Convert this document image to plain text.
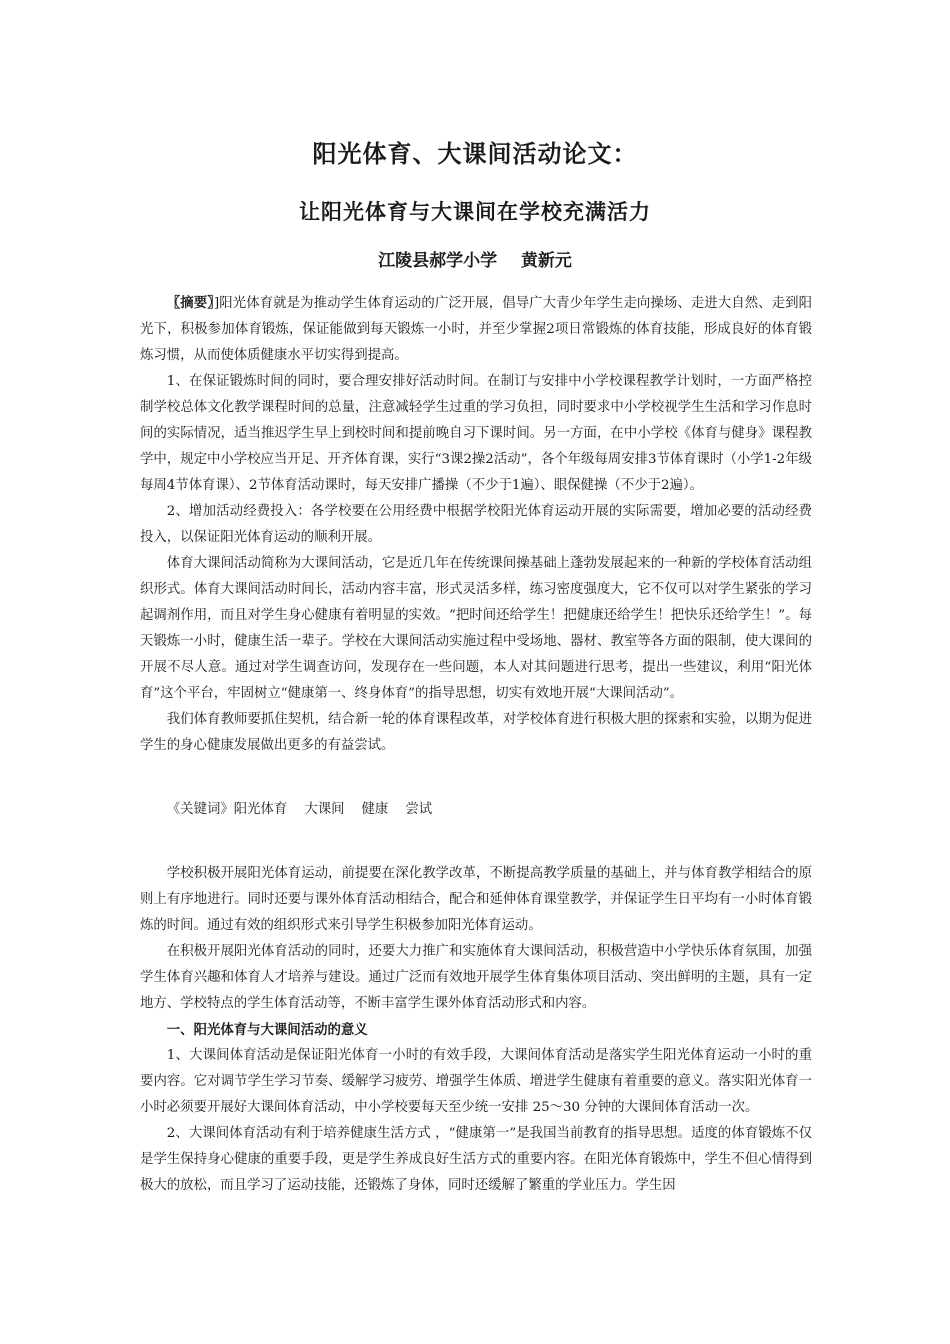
阳光体育、大课间活动论文：
让阳光体育与大课间在学校充满活力
江陵县郝学小学    黄新元

〖摘要〗]阳光体育就是为推动学生体育运动的广泛开展，倡导广大青少年学生走向操场、走进大自然、走到阳光下，积极参加体育锻炼，保证能做到每天锻炼一小时，并至少掌握2项日常锻炼的体育技能，形成良好的体育锻炼习惯，从而使体质健康水平切实得到提高。

1、在保证锻炼时间的同时，要合理安排好活动时间。在制订与安排中小学校课程教学计划时，一方面严格控制学校总体文化教学课程时间的总量，注意减轻学生过重的学习负担，同时要求中小学校视学生生活和学习作息时间的实际情况，适当推迟学生早上到校时间和提前晚自习下课时间。另一方面，在中小学校《体育与健身》课程教学中，规定中小学校应当开足、开齐体育课，实行“3课2操2活动”，各个年级每周安排3节体育课时（小学1-2年级每周4节体育课）、2节体育活动课时，每天安排广播操（不少于1遍）、眼保健操（不少于2遍）。

2、增加活动经费投入：各学校要在公用经费中根据学校阳光体育运动开展的实际需要，增加必要的活动经费投入，以保证阳光体育运动的顺利开展。

体育大课间活动简称为大课间活动，它是近几年在传统课间操基础上蓬勃发展起来的一种新的学校体育活动组织形式。体育大课间活动时间长，活动内容丰富，形式灵活多样，练习密度强度大，它不仅可以对学生紧张的学习起调剂作用，而且对学生身心健康有着明显的实效。“把时间还给学生！把健康还给学生！把快乐还给学生！”。每天锻炼一小时，健康生活一辈子。学校在大课间活动实施过程中受场地、器材、教室等各方面的限制，使大课间的开展不尽人意。通过对学生调查访问，发现存在一些问题，本人对其问题进行思考，提出一些建议，利用“阳光体育”这个平台，牢固树立“健康第一、终身体育”的指导思想，切实有效地开展“大课间活动”。

我们体育教师要抓住契机，结合新一轮的体育课程改革，对学校体育进行积极大胆的探索和实验，以期为促进学生的身心健康发展做出更多的有益尝试。

《关键词》阳光体育    大课间    健康    尝试

学校积极开展阳光体育运动，前提要在深化教学改革，不断提高教学质量的基础上，并与体育教学相结合的原则上有序地进行。同时还要与课外体育活动相结合，配合和延伸体育课堂教学，并保证学生日平均有一小时体育锻炼的时间。通过有效的组织形式来引导学生积极参加阳光体育运动。

在积极开展阳光体育活动的同时，还要大力推广和实施体育大课间活动，积极营造中小学快乐体育氛围，加强学生体育兴趣和体育人才培养与建设。通过广泛而有效地开展学生体育集体项目活动、突出鲜明的主题，具有一定地方、学校特点的学生体育活动等，不断丰富学生课外体育活动形式和内容。

一、阳光体育与大课间活动的意义

1、大课间体育活动是保证阳光体育一小时的有效手段，大课间体育活动是落实学生阳光体育运动一小时的重要内容。它对调节学生学习节奏、缓解学习疲劳、增强学生体质、增进学生健康有着重要的意义。落实阳光体育一小时必须要开展好大课间体育活动，中小学校要每天至少统一安排 25～30 分钟的大课间体育活动一次。

2、大课间体育活动有利于培养健康生活方式 ，“健康第一”是我国当前教育的指导思想。适度的体育锻炼不仅是学生保持身心健康的重要手段，更是学生养成良好生活方式的重要内容。在阳光体育锻炼中，学生不但心情得到极大的放松，而且学习了运动技能，还锻炼了身体，同时还缓解了繁重的学业压力。学生因
